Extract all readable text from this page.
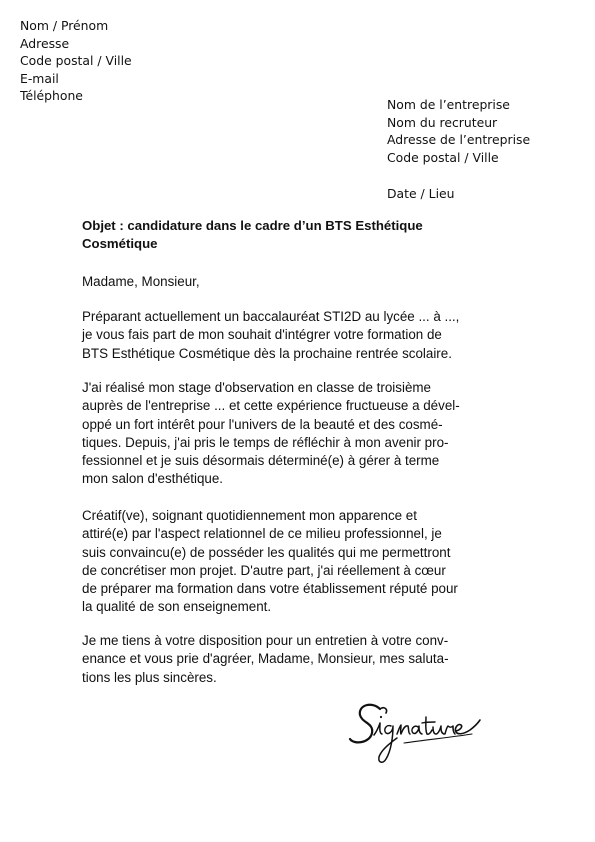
Nom / Prénom
Adresse
Code postal / Ville
E-mail
Téléphone
Nom de l’entreprise
Nom du recruteur
Adresse de l’entreprise
Code postal / Ville
Date / Lieu
Objet : candidature dans le cadre d’un BTS Esthétique
Cosmétique
Madame, Monsieur,
Préparant actuellement un baccalauréat STI2D au lycée ... à ...,
je vous fais part de mon souhait d'intégrer votre formation de
BTS Esthétique Cosmétique dès la prochaine rentrée scolaire.
J'ai réalisé mon stage d'observation en classe de troisième
auprès de l'entreprise ... et cette expérience fructueuse a dével-
oppé un fort intérêt pour l'univers de la beauté et des cosmé-
tiques. Depuis, j'ai pris le temps de réfléchir à mon avenir pro-
fessionnel et je suis désormais déterminé(e) à gérer à terme
mon salon d'esthétique.
Créatif(ve), soignant quotidiennement mon apparence et
attiré(e) par l'aspect relationnel de ce milieu professionnel, je
suis convaincu(e) de posséder les qualités qui me permettront
de concrétiser mon projet. D'autre part, j'ai réellement à cœur
de préparer ma formation dans votre établissement réputé pour
la qualité de son enseignement.
Je me tiens à votre disposition pour un entretien à votre conv-
enance et vous prie d'agréer, Madame, Monsieur, mes saluta-
tions les plus sincères.
